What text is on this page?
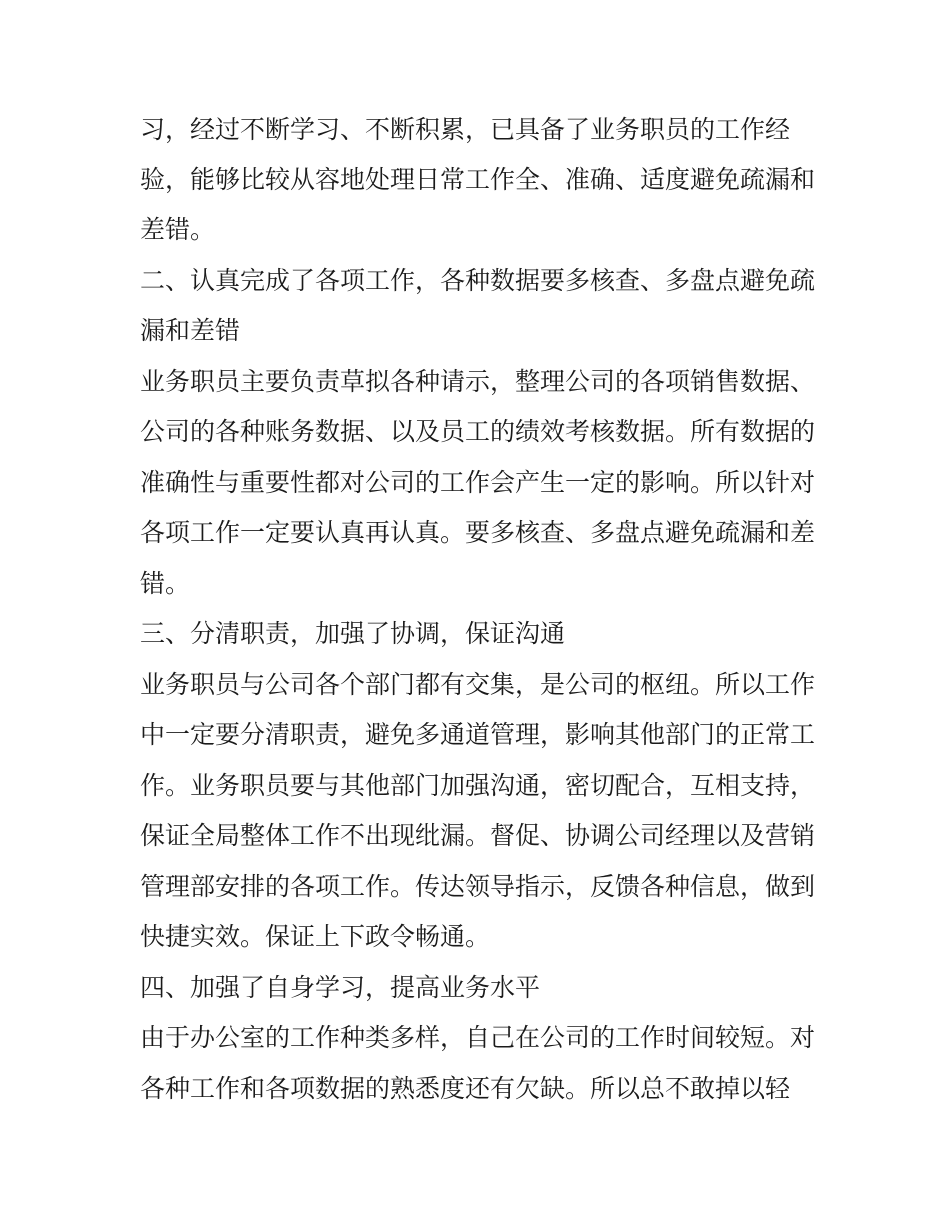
习，经过不断学习、不断积累，已具备了业务职员的工作经
验，能够比较从容地处理日常工作全、准确、适度避免疏漏和
差错。
二、认真完成了各项工作，各种数据要多核查、多盘点避免疏
漏和差错
业务职员主要负责草拟各种请示，整理公司的各项销售数据、
公司的各种账务数据、以及员工的绩效考核数据。所有数据的
准确性与重要性都对公司的工作会产生一定的影响。所以针对
各项工作一定要认真再认真。要多核查、多盘点避免疏漏和差
错。
三、分清职责，加强了协调，保证沟通
业务职员与公司各个部门都有交集，是公司的枢纽。所以工作
中一定要分清职责，避免多通道管理，影响其他部门的正常工
作。业务职员要与其他部门加强沟通，密切配合，互相支持，
保证全局整体工作不出现纰漏。督促、协调公司经理以及营销
管理部安排的各项工作。传达领导指示，反馈各种信息，做到
快捷实效。保证上下政令畅通。
四、加强了自身学习，提高业务水平
由于办公室的工作种类多样，自己在公司的工作时间较短。对
各种工作和各项数据的熟悉度还有欠缺。所以总不敢掉以轻
